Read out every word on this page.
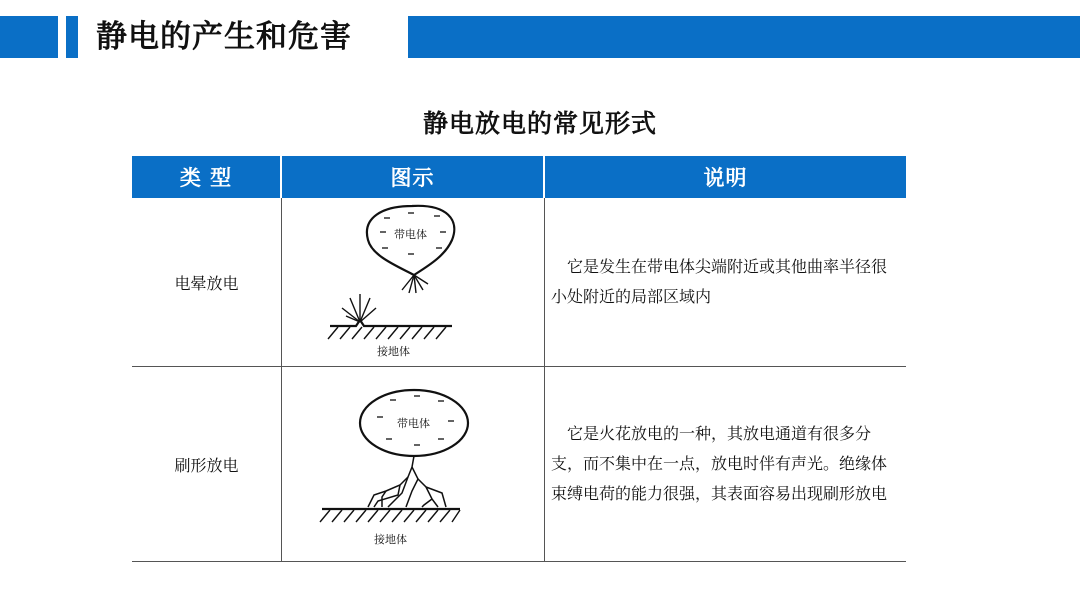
静电的产生和危害
静电放电的常见形式
类 型	图示	说明
电晕放电
带电体
接地体
它是发生在带电体尖端附近或其他曲率半径很小处附近的局部区域内
刷形放电
带电体
接地体
它是火花放电的一种，其放电通道有很多分支，而不集中在一点，放电时伴有声光。绝缘体束缚电荷的能力很强，其表面容易出现刷形放电
